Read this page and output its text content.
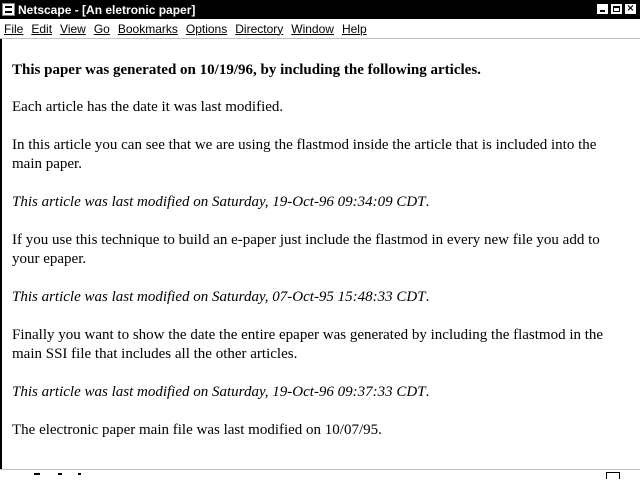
Netscape - [An eletronic paper]	×
File Edit View Go Bookmarks Options Directory Window Help

This paper was generated on 10/19/96, by including the following articles.

Each article has the date it was last modified.

In this article you can see that we are using the flastmod inside the article that is included into the main paper.

This article was last modified on Saturday, 19-Oct-96 09:34:09 CDT.

If you use this technique to build an e-paper just include the flastmod in every new file you add to your epaper.

This article was last modified on Saturday, 07-Oct-95 15:48:33 CDT.

Finally you want to show the date the entire epaper was generated by including the flastmod in the main SSI file that includes all the other articles.

This article was last modified on Saturday, 19-Oct-96 09:37:33 CDT.

The electronic paper main file was last modified on 10/07/95.
